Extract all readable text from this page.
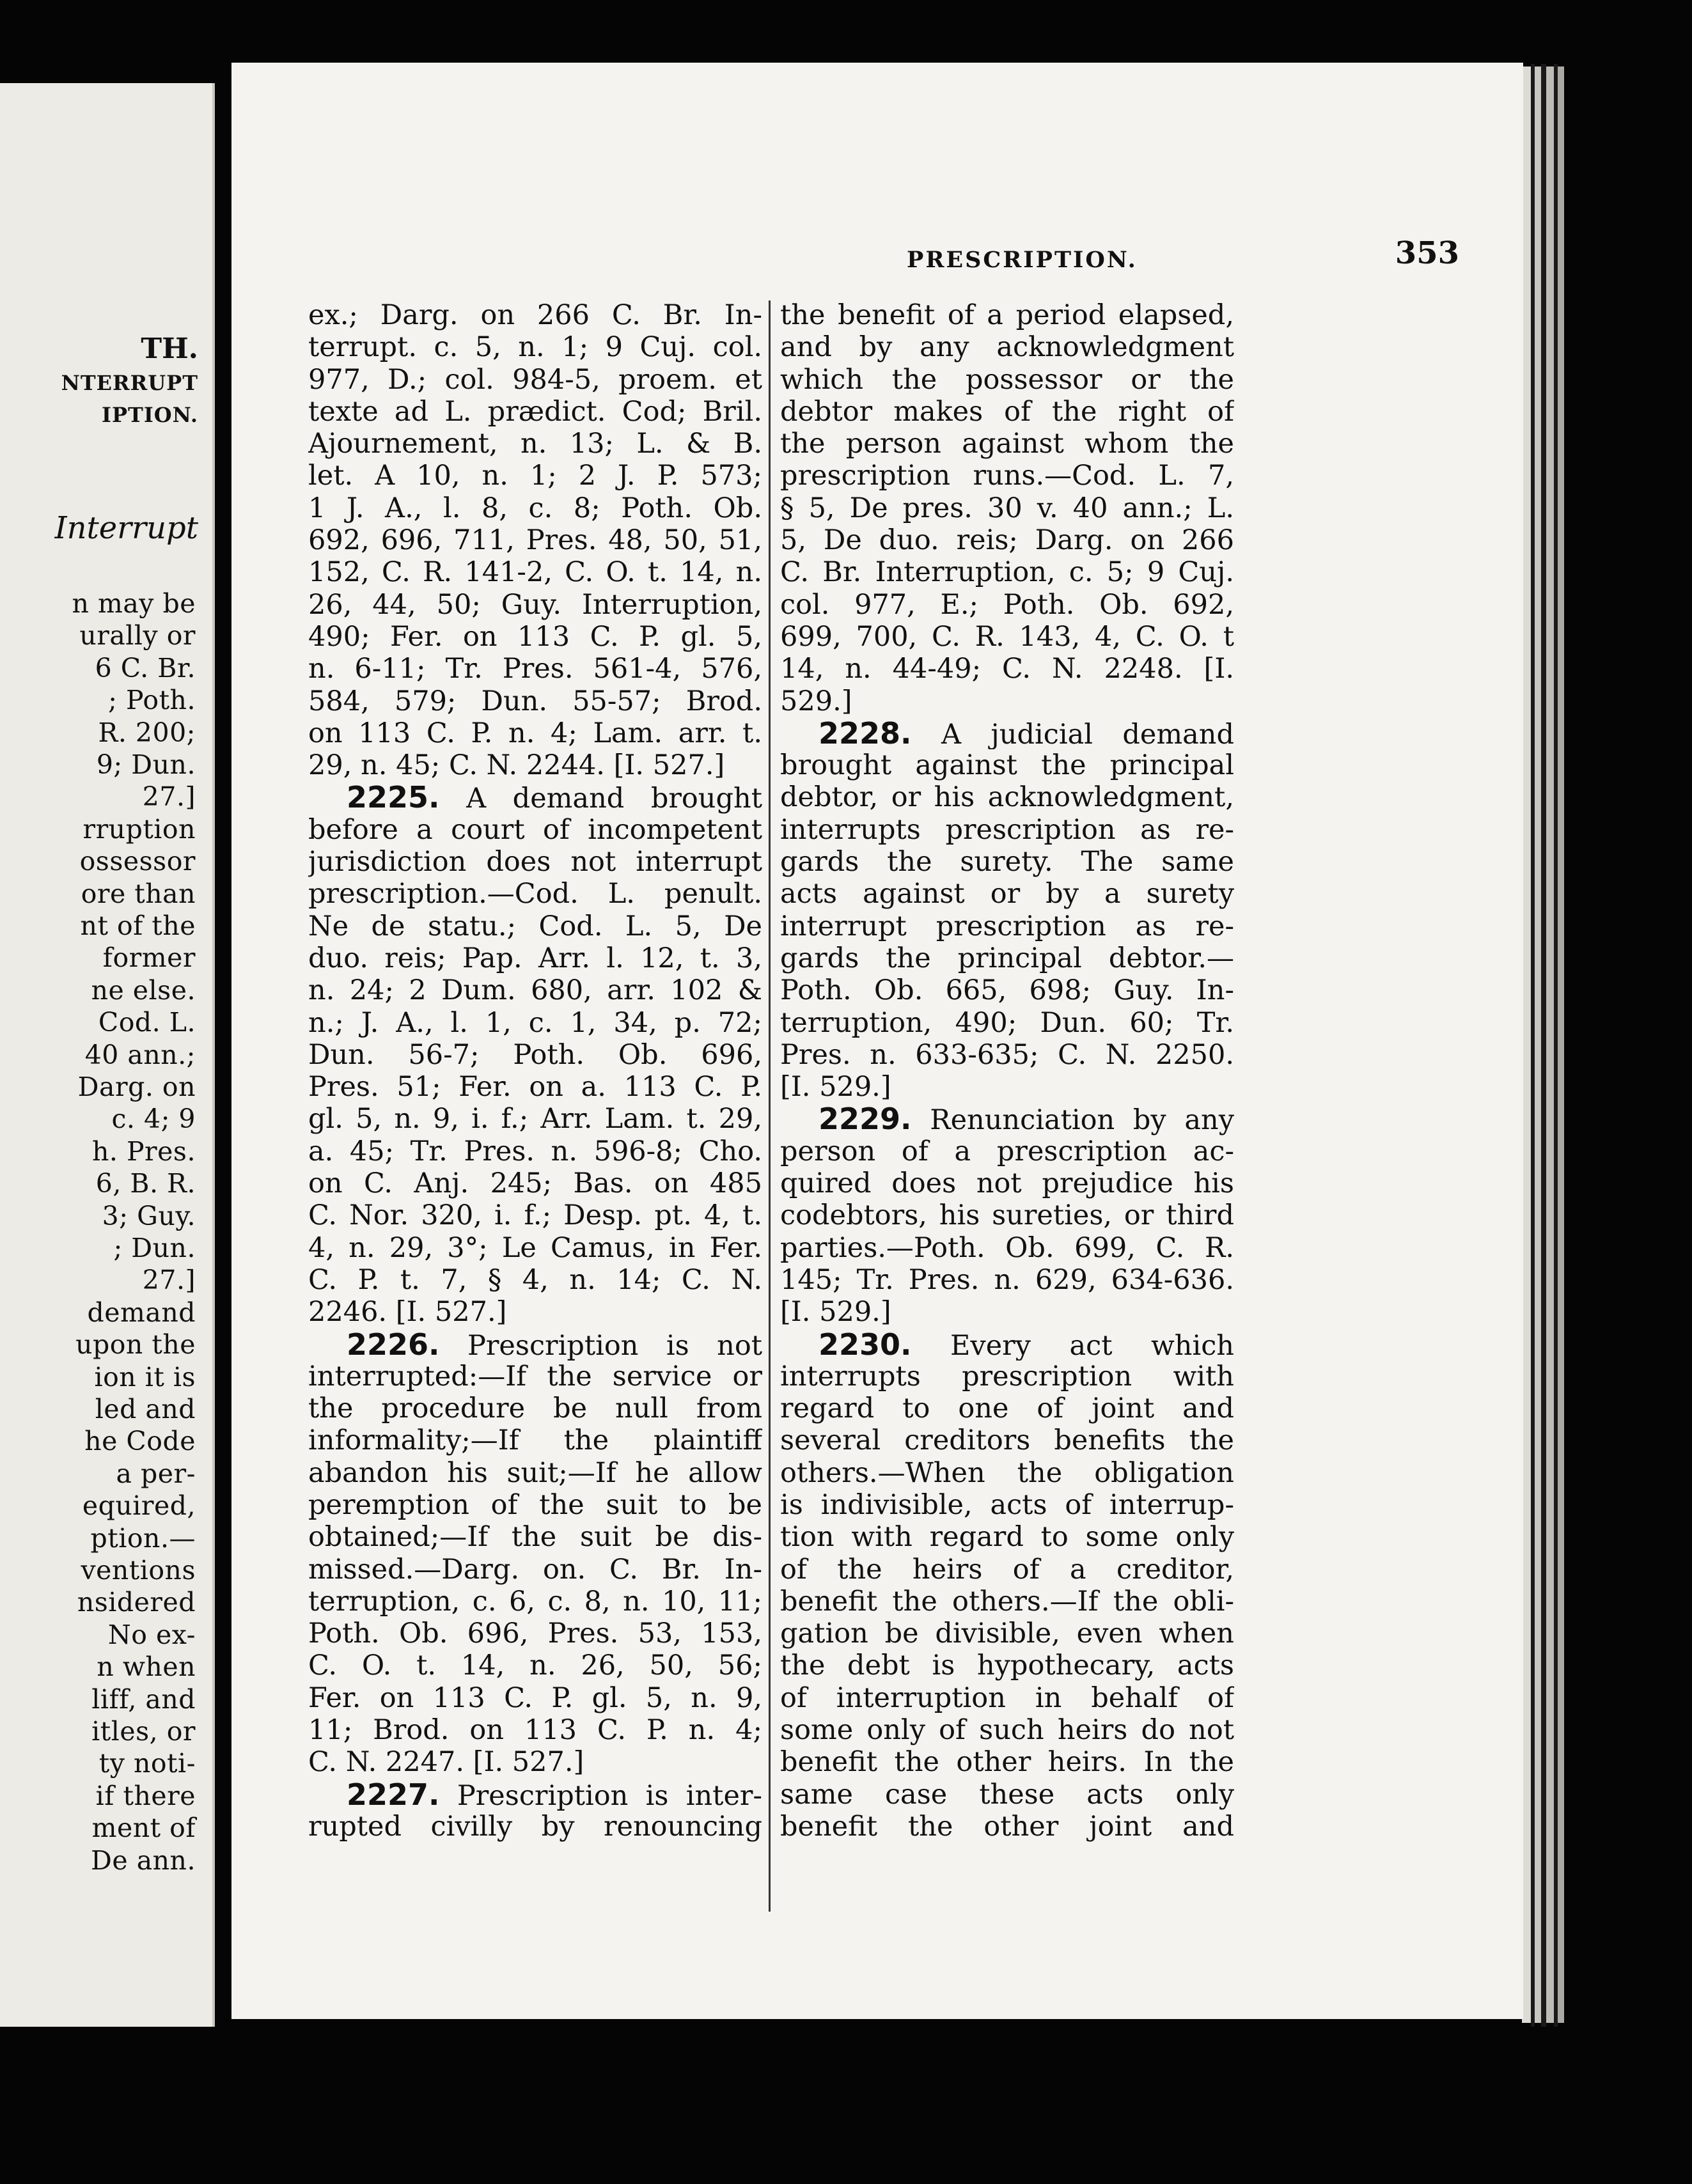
TH.
NTERRUPT
IPTION.
Interrupt
n may be
urally or
6 C. Br.
; Poth.
R. 200;
9; Dun.
27.]
rruption
ossessor
ore than
nt of the
former
ne else.
Cod. L.
40 ann.;
Darg. on
c. 4; 9
h. Pres.
6, B. R.
3; Guy.
; Dun.
27.]
demand
upon the
ion it is
led and
he Code
a per-
equired,
ption.—
ventions
nsidered
No ex-
n when
liff, and
itles, or
ty noti-
if there
ment of
De ann.
PRESCRIPTION.	353
ex.; Darg. on 266 C. Br. In-
terrupt. c. 5, n. 1; 9 Cuj. col.
977, D.; col. 984-5, proem. et
texte ad L. prædict. Cod; Bril.
Ajournement, n. 13; L. & B.
let. A 10, n. 1; 2 J. P. 573;
1 J. A., l. 8, c. 8; Poth. Ob.
692, 696, 711, Pres. 48, 50, 51,
152, C. R. 141-2, C. O. t. 14, n.
26, 44, 50; Guy. Interruption,
490; Fer. on 113 C. P. gl. 5,
n. 6-11; Tr. Pres. 561-4, 576,
584, 579; Dun. 55-57; Brod.
on 113 C. P. n. 4; Lam. arr. t.
29, n. 45; C. N. 2244. [I. 527.]
2225. A demand brought
before a court of incompetent
jurisdiction does not interrupt
prescription.—Cod. L. penult.
Ne de statu.; Cod. L. 5, De
duo. reis; Pap. Arr. l. 12, t. 3,
n. 24; 2 Dum. 680, arr. 102 &
n.; J. A., l. 1, c. 1, 34, p. 72;
Dun. 56-7; Poth. Ob. 696,
Pres. 51; Fer. on a. 113 C. P.
gl. 5, n. 9, i. f.; Arr. Lam. t. 29,
a. 45; Tr. Pres. n. 596-8; Cho.
on C. Anj. 245; Bas. on 485
C. Nor. 320, i. f.; Desp. pt. 4, t.
4, n. 29, 3°; Le Camus, in Fer.
C. P. t. 7, § 4, n. 14; C. N.
2246. [I. 527.]
2226. Prescription is not
interrupted:—If the service or
the procedure be null from
informality;—If the plaintiff
abandon his suit;—If he allow
peremption of the suit to be
obtained;—If the suit be dis-
missed.—Darg. on. C. Br. In-
terruption, c. 6, c. 8, n. 10, 11;
Poth. Ob. 696, Pres. 53, 153,
C. O. t. 14, n. 26, 50, 56;
Fer. on 113 C. P. gl. 5, n. 9,
11; Brod. on 113 C. P. n. 4;
C. N. 2247. [I. 527.]
2227. Prescription is inter-
rupted civilly by renouncing
the benefit of a period elapsed,
and by any acknowledgment
which the possessor or the
debtor makes of the right of
the person against whom the
prescription runs.—Cod. L. 7,
§ 5, De pres. 30 v. 40 ann.; L.
5, De duo. reis; Darg. on 266
C. Br. Interruption, c. 5; 9 Cuj.
col. 977, E.; Poth. Ob. 692,
699, 700, C. R. 143, 4, C. O. t
14, n. 44-49; C. N. 2248. [I.
529.]
2228. A judicial demand
brought against the principal
debtor, or his acknowledgment,
interrupts prescription as re-
gards the surety. The same
acts against or by a surety
interrupt prescription as re-
gards the principal debtor.—
Poth. Ob. 665, 698; Guy. In-
terruption, 490; Dun. 60; Tr.
Pres. n. 633-635; C. N. 2250.
[I. 529.]
2229. Renunciation by any
person of a prescription ac-
quired does not prejudice his
codebtors, his sureties, or third
parties.—Poth. Ob. 699, C. R.
145; Tr. Pres. n. 629, 634-636.
[I. 529.]
2230. Every act which
interrupts prescription with
regard to one of joint and
several creditors benefits the
others.—When the obligation
is indivisible, acts of interrup-
tion with regard to some only
of the heirs of a creditor,
benefit the others.—If the obli-
gation be divisible, even when
the debt is hypothecary, acts
of interruption in behalf of
some only of such heirs do not
benefit the other heirs. In the
same case these acts only
benefit the other joint and
